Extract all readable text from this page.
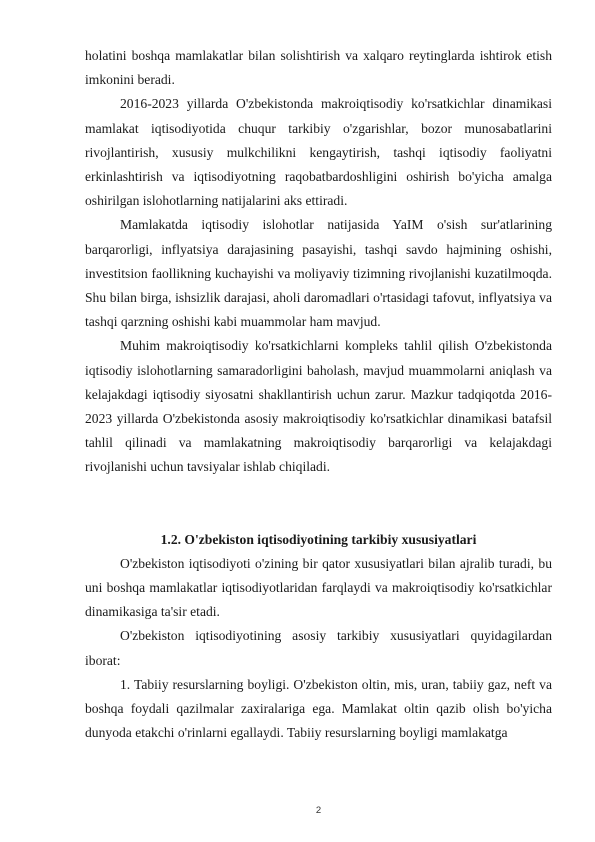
holatini boshqa mamlakatlar bilan solishtirish va xalqaro reytinglarda ishtirok etish imkonini beradi.

2016-2023 yillarda O'zbekistonda makroiqtisodiy ko'rsatkichlar dinamikasi mamlakat iqtisodiyotida chuqur tarkibiy o'zgarishlar, bozor munosabatlarini rivojlantirish, xususiy mulkchilikni kengaytirish, tashqi iqtisodiy faoliyatni erkinlashtirish va iqtisodiyotning raqobatbardoshligini oshirish bo'yicha amalga oshirilgan islohotlarning natijalarini aks ettiradi.

Mamlakatda iqtisodiy islohotlar natijasida YaIM o'sish sur'atlarining barqarorligi, inflyatsiya darajasining pasayishi, tashqi savdo hajmining oshishi, investitsion faollikning kuchayishi va moliyaviy tizimning rivojlanishi kuzatilmoqda. Shu bilan birga, ishsizlik darajasi, aholi daromadlari o'rtasidagi tafovut, inflyatsiya va tashqi qarzning oshishi kabi muammolar ham mavjud.

Muhim makroiqtisodiy ko'rsatkichlarni kompleks tahlil qilish O'zbekistonda iqtisodiy islohotlarning samaradorligini baholash, mavjud muammolarni aniqlash va kelajakdagi iqtisodiy siyosatni shakllantirish uchun zarur. Mazkur tadqiqotda 2016-2023 yillarda O'zbekistonda asosiy makroiqtisodiy ko'rsatkichlar dinamikasi batafsil tahlil qilinadi va mamlakatning makroiqtisodiy barqarorligi va kelajakdagi rivojlanishi uchun tavsiyalar ishlab chiqiladi.

1.2. O'zbekiston iqtisodiyotining tarkibiy xususiyatlari

O'zbekiston iqtisodiyoti o'zining bir qator xususiyatlari bilan ajralib turadi, bu uni boshqa mamlakatlar iqtisodiyotlaridan farqlaydi va makroiqtisodiy ko'rsatkichlar dinamikasiga ta'sir etadi.

O'zbekiston iqtisodiyotining asosiy tarkibiy xususiyatlari quyidagilardan iborat:

1. Tabiiy resurslarning boyligi. O'zbekiston oltin, mis, uran, tabiiy gaz, neft va boshqa foydali qazilmalar zaxiralariga ega. Mamlakat oltin qazib olish bo'yicha dunyoda etakchi o'rinlarni egallaydi. Tabiiy resurslarning boyligi mamlakatga

2
